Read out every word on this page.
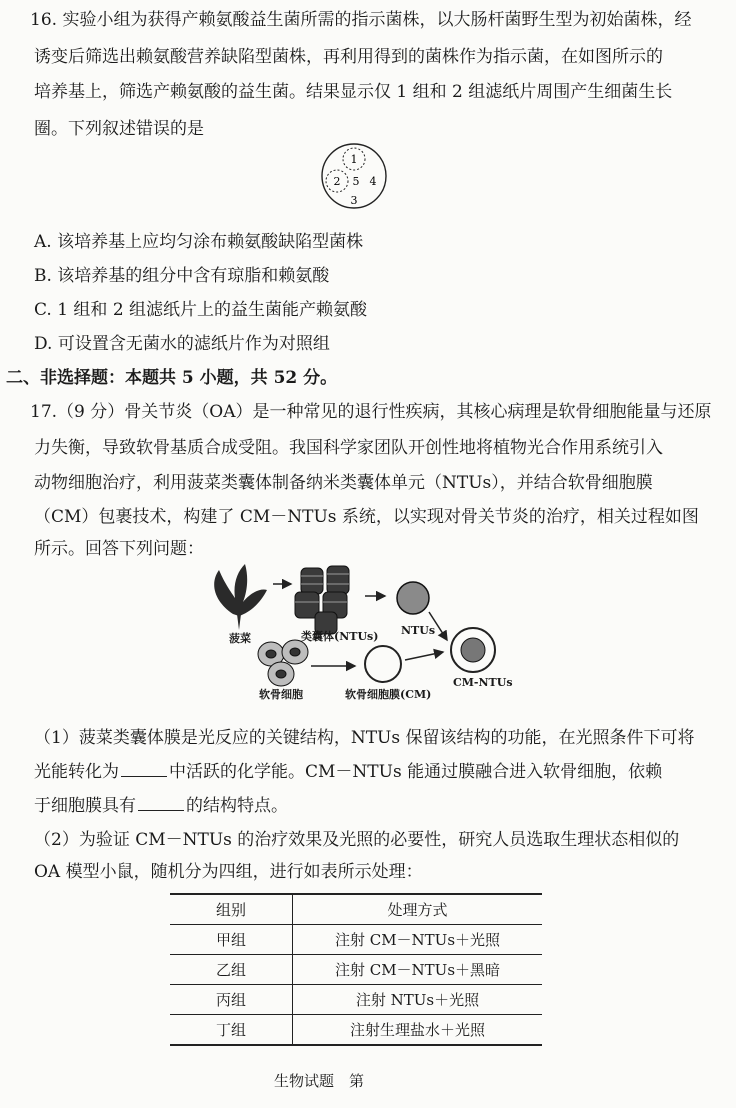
16. 实验小组为获得产赖氨酸益生菌所需的指示菌株，以大肠杆菌野生型为初始菌株，经
诱变后筛选出赖氨酸营养缺陷型菌株，再利用得到的菌株作为指示菌，在如图所示的
培养基上，筛选产赖氨酸的益生菌。结果显示仅 1 组和 2 组滤纸片周围产生细菌生长
圈。下列叙述错误的是
1
2 5 4
3
A. 该培养基上应均匀涂布赖氨酸缺陷型菌株
B. 该培养基的组分中含有琼脂和赖氨酸
C. 1 组和 2 组滤纸片上的益生菌能产赖氨酸
D. 可设置含无菌水的滤纸片作为对照组
二、非选择题：本题共 5 小题，共 52 分。
17.（9 分）骨关节炎（OA）是一种常见的退行性疾病，其核心病理是软骨细胞能量与还原
力失衡，导致软骨基质合成受阻。我国科学家团队开创性地将植物光合作用系统引入
动物细胞治疗，利用菠菜类囊体制备纳米类囊体单元（NTUs），并结合软骨细胞膜
（CM）包裹技术，构建了 CM－NTUs 系统，以实现对骨关节炎的治疗，相关过程如图
所示。回答下列问题：
菠菜	类囊体(NTUs) NTUs
软骨细胞	软骨细胞膜(CM)
CM-NTUs
（1）菠菜类囊体膜是光反应的关键结构，NTUs 保留该结构的功能，在光照条件下可将
光能转化为	中活跃的化学能。CM－NTUs 能通过膜融合进入软骨细胞，依赖
于细胞膜具有	的结构特点。
（2）为验证 CM－NTUs 的治疗效果及光照的必要性，研究人员选取生理状态相似的
OA 模型小鼠，随机分为四组，进行如表所示处理：
组别	处理方式
甲组	注射 CM－NTUs＋光照
乙组	注射 CM－NTUs＋黑暗
丙组	注射 NTUs＋光照
丁组	注射生理盐水＋光照
生物试题　第
